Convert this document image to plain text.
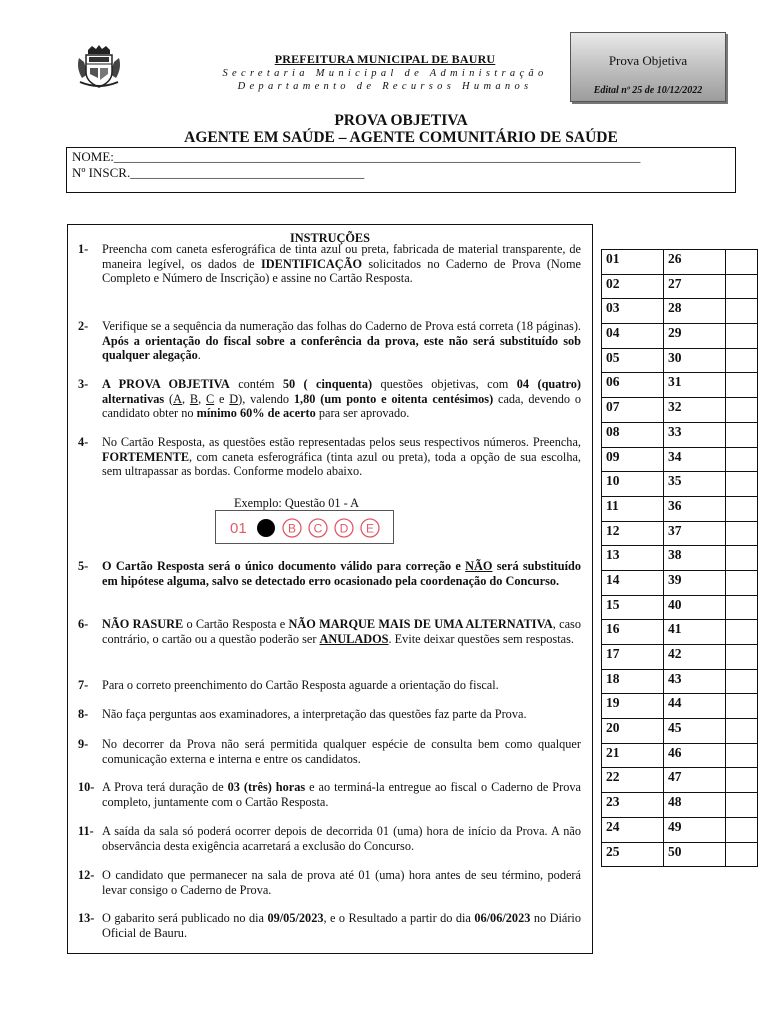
PREFEITURA MUNICIPAL DE BAURU
Secretaria Municipal de Administração
Departamento de Recursos Humanos
Prova Objetiva
Edital nº 25 de 10/12/2022
PROVA OBJETIVA
AGENTE EM SAÚDE – AGENTE COMUNITÁRIO DE SAÚDE
NOME:_________________________________________________________________________________
Nº INSCR.____________________________________
INSTRUÇÕES
1- Preencha com caneta esferográfica de tinta azul ou preta, fabricada de material transparente, de maneira legível, os dados de IDENTIFICAÇÃO solicitados no Caderno de Prova (Nome Completo e Número de Inscrição) e assine no Cartão Resposta.
2- Verifique se a sequência da numeração das folhas do Caderno de Prova está correta (18 páginas). Após a orientação do fiscal sobre a conferência da prova, este não será substituído sob qualquer alegação.
3- A PROVA OBJETIVA contém 50 ( cinquenta) questões objetivas, com 04 (quatro) alternativas (A, B, C e D), valendo 1,80 (um ponto e oitenta centésimos) cada, devendo o candidato obter no mínimo 60% de acerto para ser aprovado.
4- No Cartão Resposta, as questões estão representadas pelos seus respectivos números. Preencha, FORTEMENTE, com caneta esferográfica (tinta azul ou preta), toda a opção de sua escolha, sem ultrapassar as bordas. Conforme modelo abaixo.
5- O Cartão Resposta será o único documento válido para correção e NÃO será substituído em hipótese alguma, salvo se detectado erro ocasionado pela coordenação do Concurso.
6- NÃO RASURE o Cartão Resposta e NÃO MARQUE MAIS DE UMA ALTERNATIVA, caso contrário, o cartão ou a questão poderão ser ANULADOS. Evite deixar questões sem respostas.
7- Para o correto preenchimento do Cartão Resposta aguarde a orientação do fiscal.
8- Não faça perguntas aos examinadores, a interpretação das questões faz parte da Prova.
9- No decorrer da Prova não será permitida qualquer espécie de consulta bem como qualquer comunicação externa e interna e entre os candidatos.
10- A Prova terá duração de 03 (três) horas e ao terminá-la entregue ao fiscal o Caderno de Prova completo, juntamente com o Cartão Resposta.
11- A saída da sala só poderá ocorrer depois de decorrida 01 (uma) hora de início da Prova. A não observância desta exigência acarretará a exclusão do Concurso.
12- O candidato que permanecer na sala de prova até 01 (uma) hora antes de seu término, poderá levar consigo o Caderno de Prova.
13- O gabarito será publicado no dia 09/05/2023, e o Resultado a partir do dia 06/06/2023 no Diário Oficial de Bauru.
Exemplo: Questão 01 - A
01	B C D E
01	26	
02	27	
03	28	
04	29	
05	30	
06	31	
07	32	
08	33	
09	34	
10	35	
11	36	
12	37	
13	38	
14	39	
15	40	
16	41	
17	42	
18	43	
19	44	
20	45	
21	46	
22	47	
23	48	
24	49	
25	50	
